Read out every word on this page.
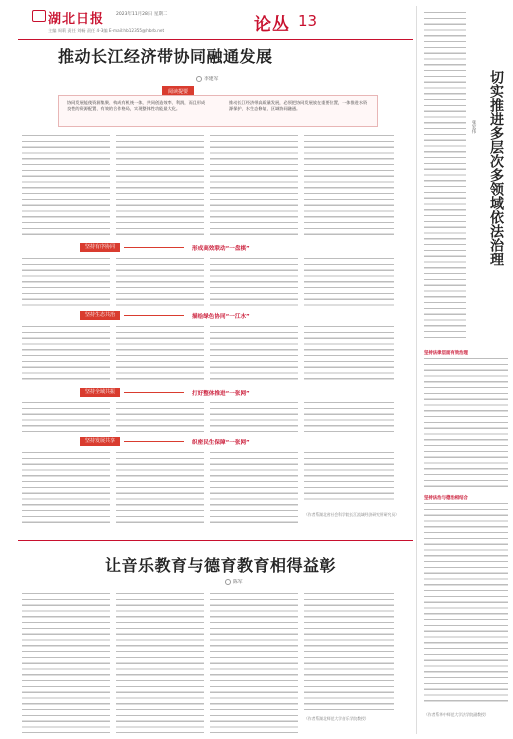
湖北日报	2023年11月28日 星期二
主编 周莉 责任 刘畅 责任 4-3编 E-mail:hb12355@hbrb.net	论丛 13
推动长江经济带协同融通发展
李建军
阅读提要
协同发展能使资源集聚、构成有机统一体，共同创造效率、利润，而且形成良性的资源配置、有效的合作格局，实现整体性功能最大化。
推动长江经济带高质量发展，必须把协同发展放在重要位置，一体推进水资源保护、水生态修复、区域协同融通。
坚持有序协同	形成高效联动“一盘棋”
坚持生态共治	描绘绿色协同“一江水”
坚持全域共振	打好整体推进“一张网”
坚持发展共享	织密民生保障“一张网”
（作者系湖北省社会科学院长江流域经济研究所研究员）
让音乐教育与德育教育相得益彰
陈军
（作者系湖北师范大学音乐学院教授）
切实推进多层次多领域依法治理
张宏伟
坚持法律层面有效治理
坚持法治与德治相结合
（作者系华中师范大学法学院副教授）
